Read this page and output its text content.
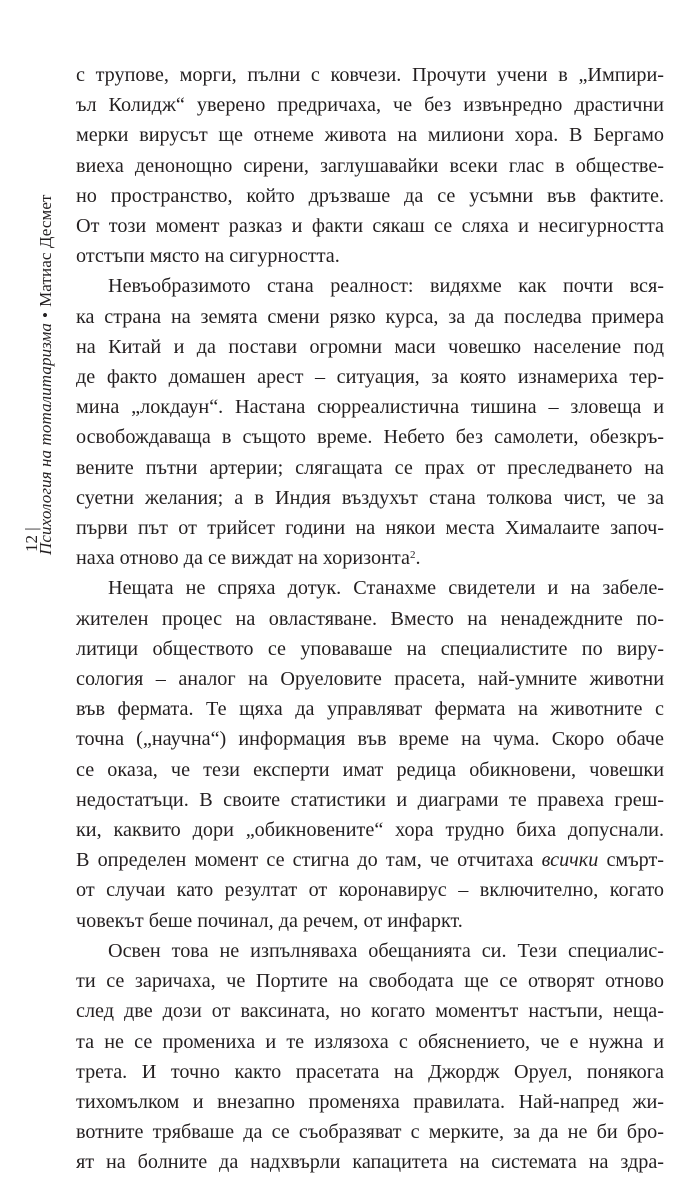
Психология на тоталитаризма•Матиас Десмет
12 |

с трупове, морги, пълни с ковчези. Прочути учени в „Импири-
ъл Колидж“ уверено предричаха, че без извънредно драстични
мерки вирусът ще отнеме живота на милиони хора. В Бергамо
виеха денонощно сирени, заглушавайки всеки глас в обществе-
но пространство, който дръзваше да се усъмни във фактите.
От този момент разказ и факти сякаш се сляха и несигурността
отстъпи място на сигурността.

Невъобразимото стана реалност: видяхме как почти вся-
ка страна на земята смени рязко курса, за да последва примера
на Китай и да постави огромни маси човешко население под
де факто домашен арест – ситуация, за която изнамериха тер-
мина „локдаун“. Настана сюрреалистична тишина – зловеща и
освобождаваща в същото време. Небето без самолети, обезкръ-
вените пътни артерии; слягащата се прах от преследването на
суетни желания; а в Индия въздухът стана толкова чист, че за
първи път от трийсет години на някои места Хималаите започ-
наха отново да се виждат на хоризонта$^2$.

Нещата не спряха дотук. Станахме свидетели и на забеле-
жителен процес на овластяване. Вместо на ненадеждните по-
литици обществото се уповаваше на специалистите по виру-
сология – аналог на Оруеловите прасета, най-умните животни
във фермата. Те щяха да управляват фермата на животните с
точна („научна“) информация във време на чума. Скоро обаче
се оказа, че тези експерти имат редица обикновени, човешки
недостатъци. В своите статистики и диаграми те правеха греш-
ки, каквито дори „обикновените“ хора трудно биха допуснали.
В определен момент се стигна до там, че отчитаха всички смърт-
от случаи като резултат от коронавирус – включително, когато
човекът беше починал, да речем, от инфаркт.

Освен това не изпълняваха обещанията си. Тези специалис-
ти се заричаха, че Портите на свободата ще се отворят отново
след две дози от ваксината, но когато моментът настъпи, неща-
та не се промениха и те излязоха с обяснението, че е нужна и
трета. И точно както прасетата на Джордж Оруел, понякога
тихомълком и внезапно променяха правилата. Най-напред жи-
вотните трябваше да се съобразяват с мерките, за да не би бро-
ят на болните да надхвърли капацитета на системата на здра-
